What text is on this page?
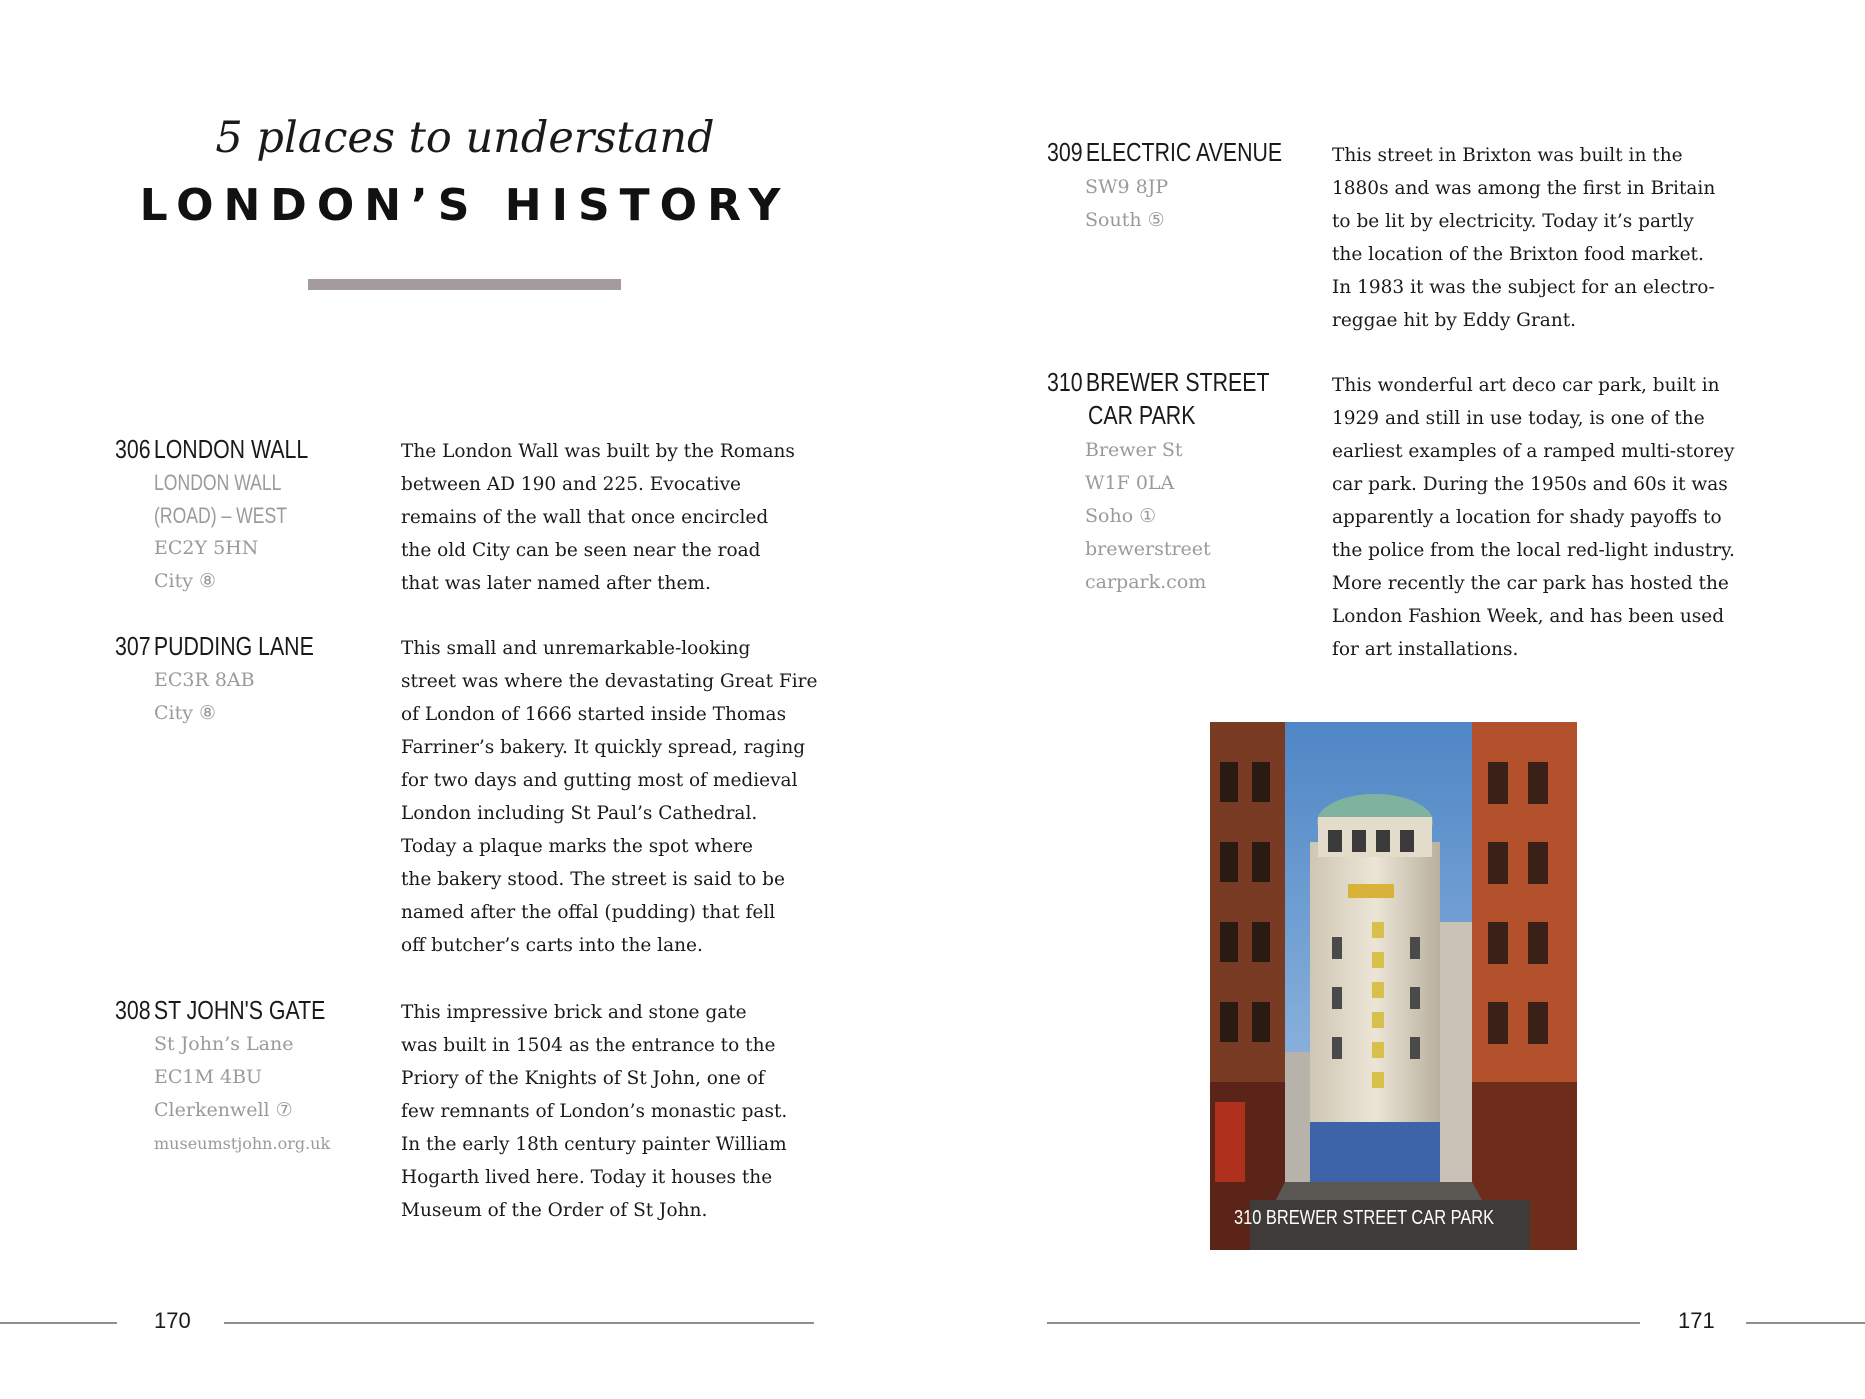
5 places to understand
LONDON’S HISTORY
306 LONDON WALL
LONDON WALL
(ROAD) – WEST
EC2Y 5HN
City ⑧
The London Wall was built by the Romans
between AD 190 and 225. Evocative
remains of the wall that once encircled
the old City can be seen near the road
that was later named after them.
307 PUDDING LANE
EC3R 8AB
City ⑧
This small and unremarkable-looking
street was where the devastating Great Fire
of London of 1666 started inside Thomas
Farriner’s bakery. It quickly spread, raging
for two days and gutting most of medieval
London including St Paul’s Cathedral.
Today a plaque marks the spot where
the bakery stood. The street is said to be
named after the offal (pudding) that fell
off butcher’s carts into the lane.
308 ST JOHN'S GATE
St John’s Lane
EC1M 4BU
Clerkenwell ⑦
museumstjohn.org.uk
This impressive brick and stone gate
was built in 1504 as the entrance to the
Priory of the Knights of St John, one of
few remnants of London’s monastic past.
In the early 18th century painter William
Hogarth lived here. Today it houses the
Museum of the Order of St John.
309 ELECTRIC AVENUE
SW9 8JP
South ⑤
This street in Brixton was built in the
1880s and was among the first in Britain
to be lit by electricity. Today it’s partly
the location of the Brixton food market.
In 1983 it was the subject for an electro-
reggae hit by Eddy Grant.
310 BREWER STREET
CAR PARK
Brewer St
W1F 0LA
Soho ①
brewerstreet
carpark.com
This wonderful art deco car park, built in
1929 and still in use today, is one of the
earliest examples of a ramped multi-storey
car park. During the 1950s and 60s it was
apparently a location for shady payoffs to
the police from the local red-light industry.
More recently the car park has hosted the
London Fashion Week, and has been used
for art installations.
310 BREWER STREET CAR PARK
170	171
